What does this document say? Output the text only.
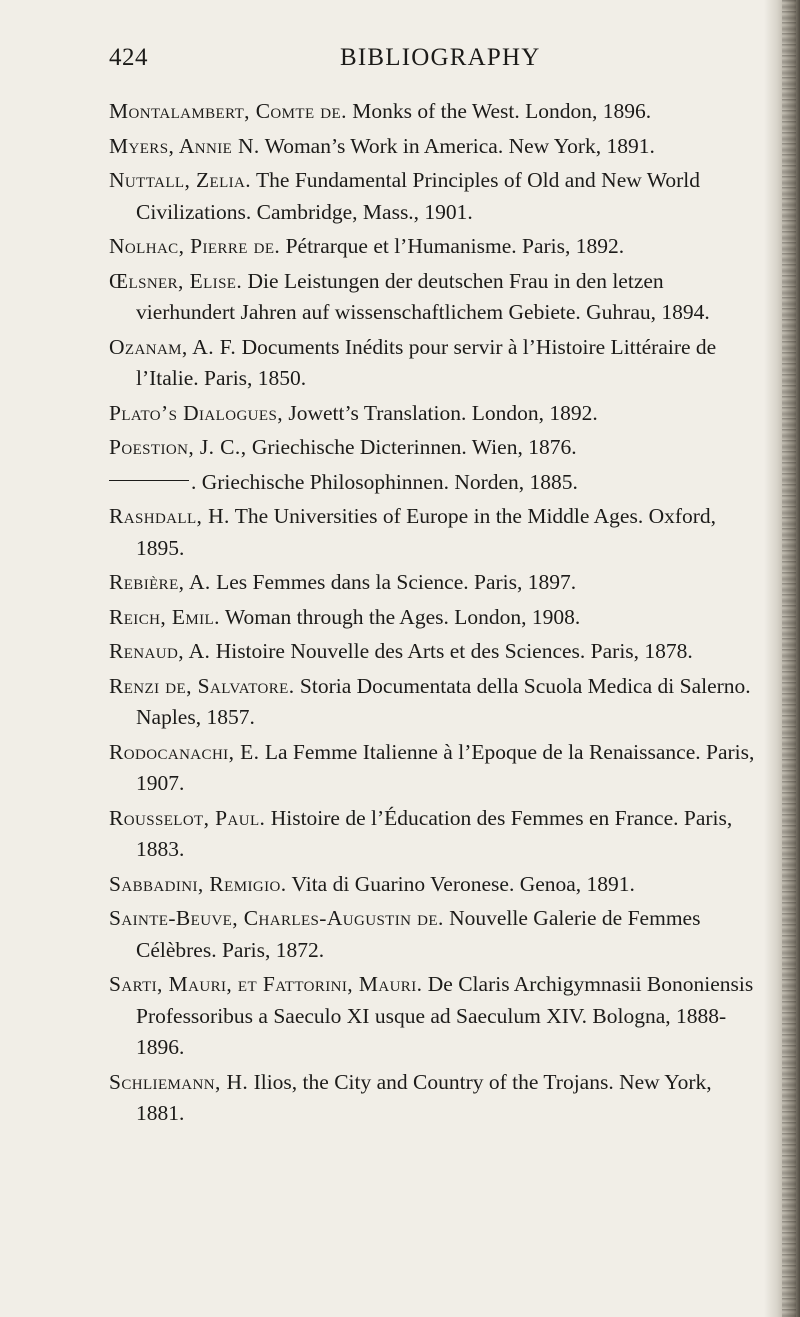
424	BIBLIOGRAPHY

Montalambert, Comte de. Monks of the West. London, 1896.

Myers, Annie N. Woman’s Work in America. New York, 1891.

Nuttall, Zelia. The Fundamental Principles of Old and New World Civilizations. Cambridge, Mass., 1901.

Nolhac, Pierre de. Pétrarque et l’Humanisme. Paris, 1892.

Œlsner, Elise. Die Leistungen der deutschen Frau in den letzen vierhundert Jahren auf wissenschaftlichem Gebiete. Guhrau, 1894.

Ozanam, A. F. Documents Inédits pour servir à l’Histoire Littéraire de l’Italie. Paris, 1850.

Plato’s Dialogues, Jowett’s Translation. London, 1892.

Poestion, J. C., Griechische Dicterinnen. Wien, 1876.

. Griechische Philosophinnen. Norden, 1885.

Rashdall, H. The Universities of Europe in the Middle Ages. Oxford, 1895.

Rebière, A. Les Femmes dans la Science. Paris, 1897.

Reich, Emil. Woman through the Ages. London, 1908.

Renaud, A. Histoire Nouvelle des Arts et des Sciences. Paris, 1878.

Renzi de, Salvatore. Storia Documentata della Scuola Medica di Salerno. Naples, 1857.

Rodocanachi, E. La Femme Italienne à l’Epoque de la Renaissance. Paris, 1907.

Rousselot, Paul. Histoire de l’Éducation des Femmes en France. Paris, 1883.

Sabbadini, Remigio. Vita di Guarino Veronese. Genoa, 1891.

Sainte-Beuve, Charles-Augustin de. Nouvelle Galerie de Femmes Célèbres. Paris, 1872.

Sarti, Mauri, et Fattorini, Mauri. De Claris Archigymnasii Bononiensis Professoribus a Saeculo XI usque ad Saeculum XIV. Bologna, 1888-1896.

Schliemann, H. Ilios, the City and Country of the Trojans. New York, 1881.
